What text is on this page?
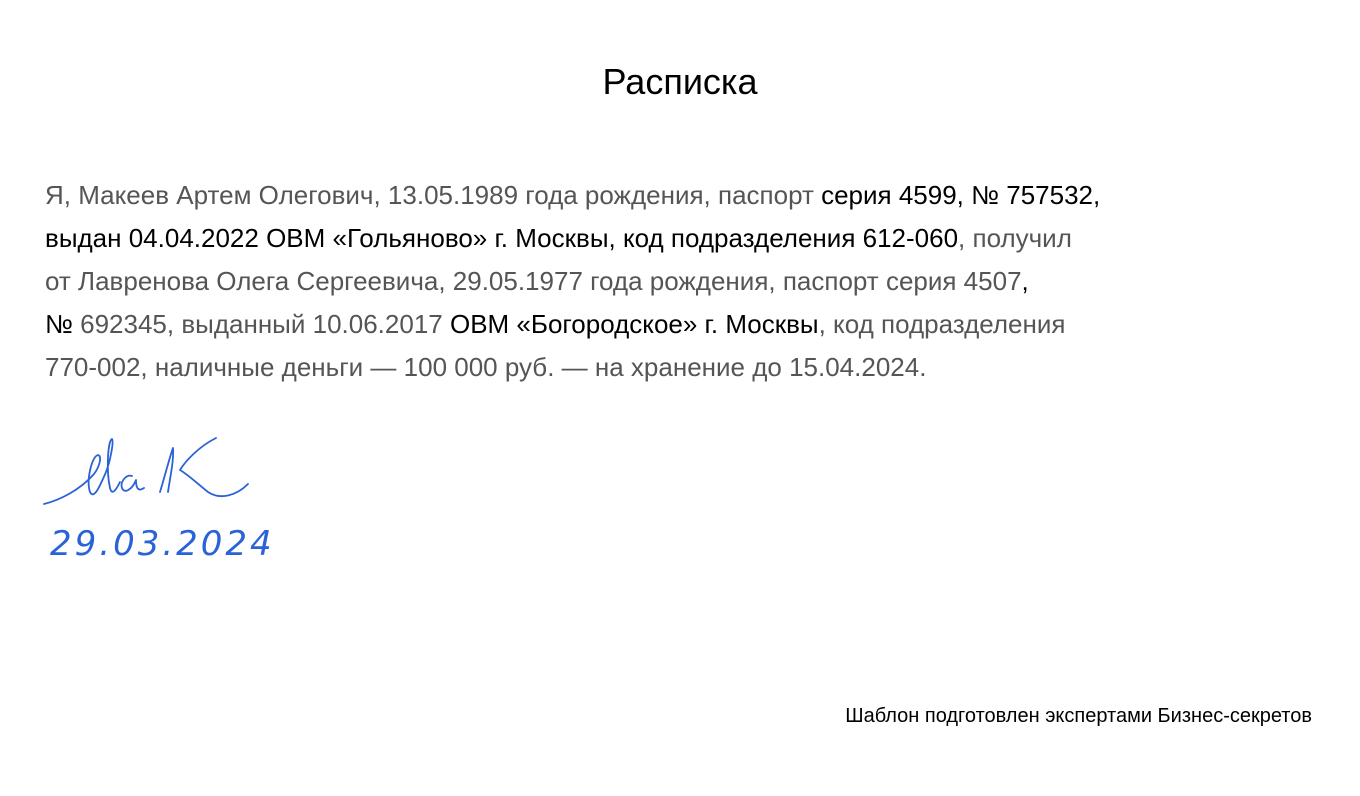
Расписка
Я, Макеев Артем Олегович, 13.05.1989 года рождения, паспорт серия 4599, № 757532,
выдан 04.04.2022 ОВМ «Гольяново» г. Москвы, код подразделения 612-060, получил
от Лавренова Олега Сергеевича, 29.05.1977 года рождения, паспорт серия 4507,
№ 692345, выданный 10.06.2017 ОВМ «Богородское» г. Москвы, код подразделения
770-002, наличные деньги — 100 000 руб. — на хранение до 15.04.2024.
29.03.2024
Шаблон подготовлен экспертами Бизнес-секретов
